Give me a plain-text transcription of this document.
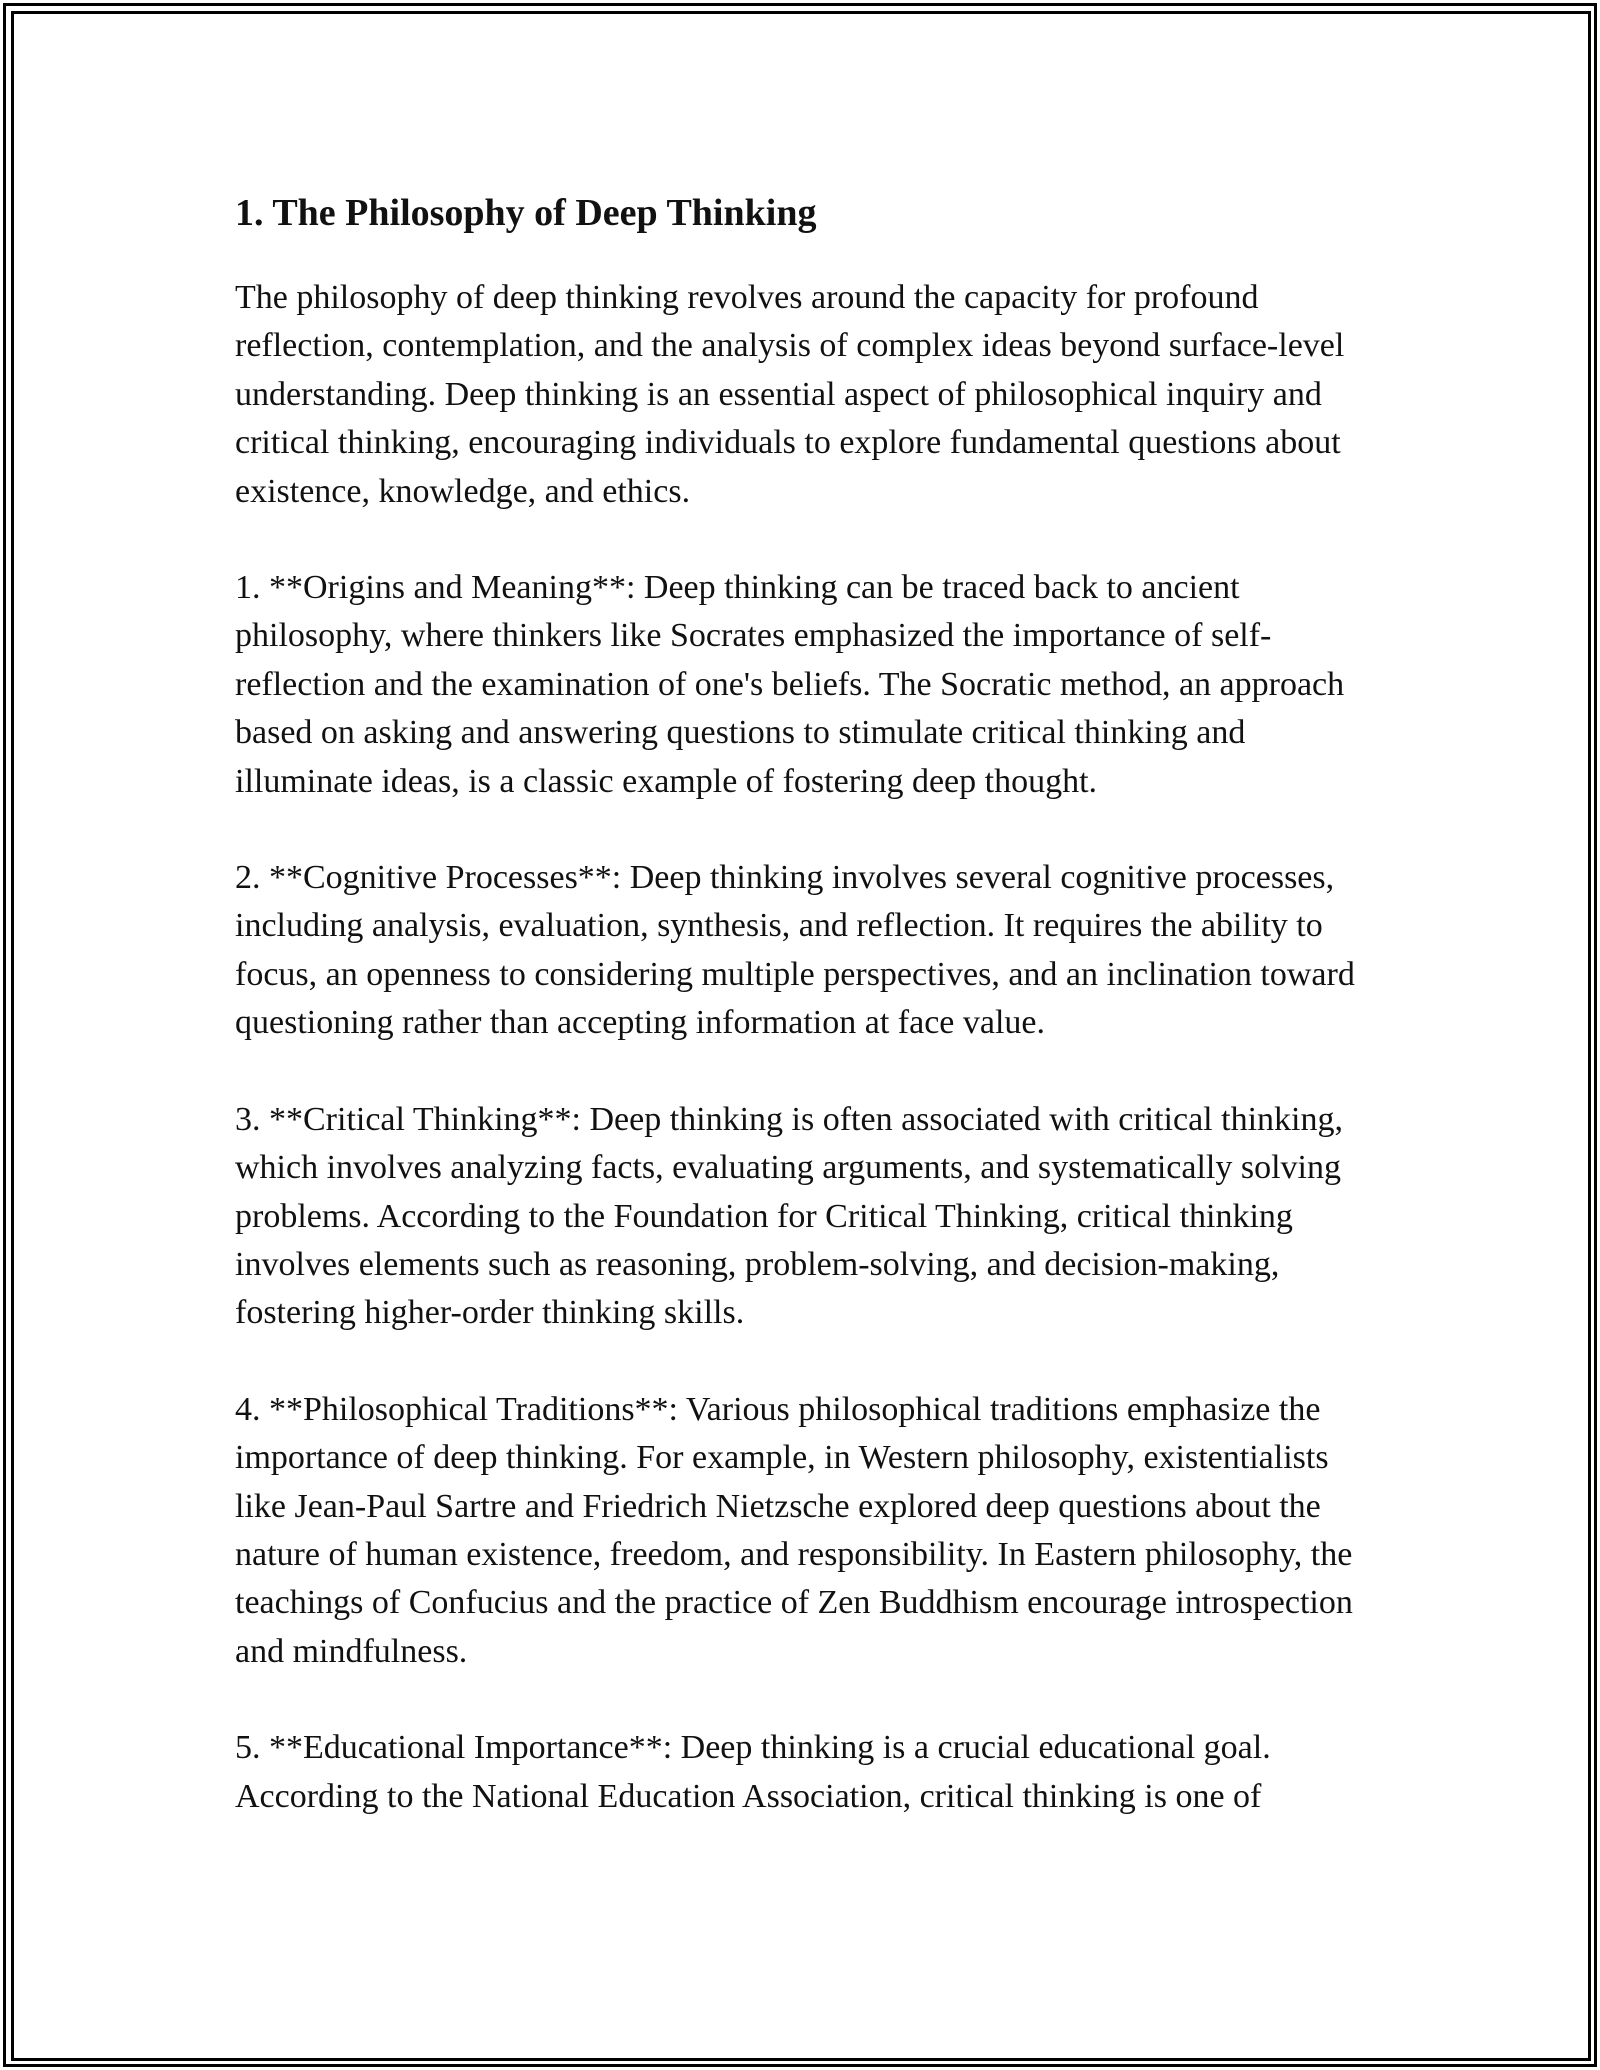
1. The Philosophy of Deep Thinking

The philosophy of deep thinking revolves around the capacity for profound reflection, contemplation, and the analysis of complex ideas beyond surface-level understanding. Deep thinking is an essential aspect of philosophical inquiry and critical thinking, encouraging individuals to explore fundamental questions about existence, knowledge, and ethics.

1. **Origins and Meaning**: Deep thinking can be traced back to ancient philosophy, where thinkers like Socrates emphasized the importance of self-reflection and the examination of one's beliefs. The Socratic method, an approach based on asking and answering questions to stimulate critical thinking and illuminate ideas, is a classic example of fostering deep thought.

2. **Cognitive Processes**: Deep thinking involves several cognitive processes, including analysis, evaluation, synthesis, and reflection. It requires the ability to focus, an openness to considering multiple perspectives, and an inclination toward questioning rather than accepting information at face value.

3. **Critical Thinking**: Deep thinking is often associated with critical thinking, which involves analyzing facts, evaluating arguments, and systematically solving problems. According to the Foundation for Critical Thinking, critical thinking involves elements such as reasoning, problem-solving, and decision-making, fostering higher-order thinking skills.

4. **Philosophical Traditions**: Various philosophical traditions emphasize the importance of deep thinking. For example, in Western philosophy, existentialists like Jean-Paul Sartre and Friedrich Nietzsche explored deep questions about the nature of human existence, freedom, and responsibility. In Eastern philosophy, the teachings of Confucius and the practice of Zen Buddhism encourage introspection and mindfulness.

5. **Educational Importance**: Deep thinking is a crucial educational goal. According to the National Education Association, critical thinking is one of
